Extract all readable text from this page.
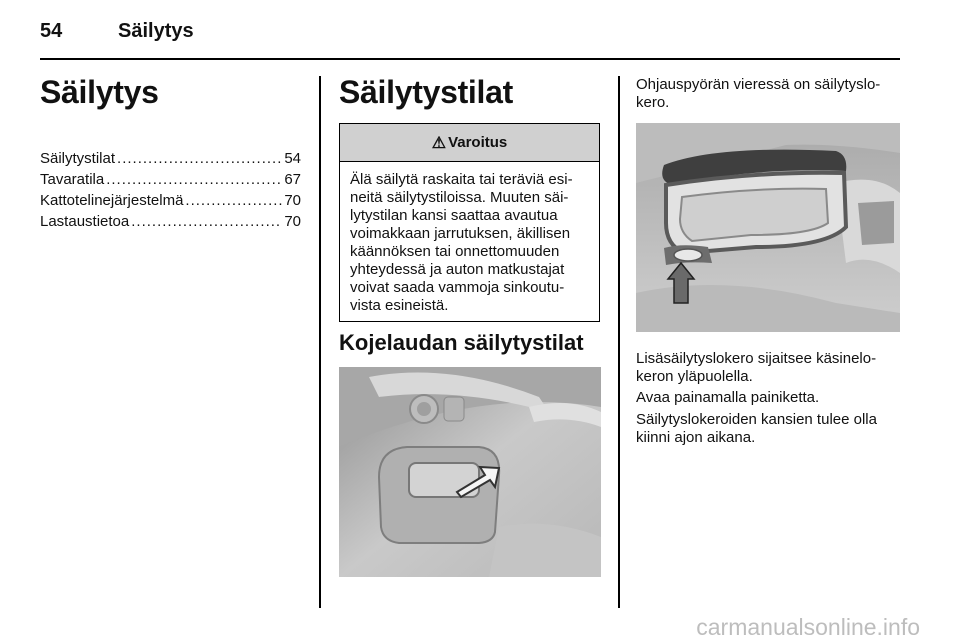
54	Säilytys
Säilytys
Säilytystilat .....	54
Tavaratila .....	67
Kattotelinejärjestelmä .....	70
Lastaustietoa .....	70
Säilytystilat
⚠ Varoitus
Älä säilytä raskaita tai teräviä esi-
neitä säilytystiloissa. Muuten säi-
lytystilan kansi saattaa avautua
voimakkaan jarrutuksen, äkillisen
käännöksen tai onnettomuuden
yhteydessä ja auton matkustajat
voivat saada vammoja sinkoutu-
vista esineistä.
Kojelaudan säilytystilat
Ohjauspyörän vieressä on säilytyslo-
kero.
Lisäsäilytyslokero sijaitsee käsinelo-
keron yläpuolella.
Avaa painamalla painiketta.
Säilytyslokeroiden kansien tulee olla
kiinni ajon aikana.
carmanualsonline.info
